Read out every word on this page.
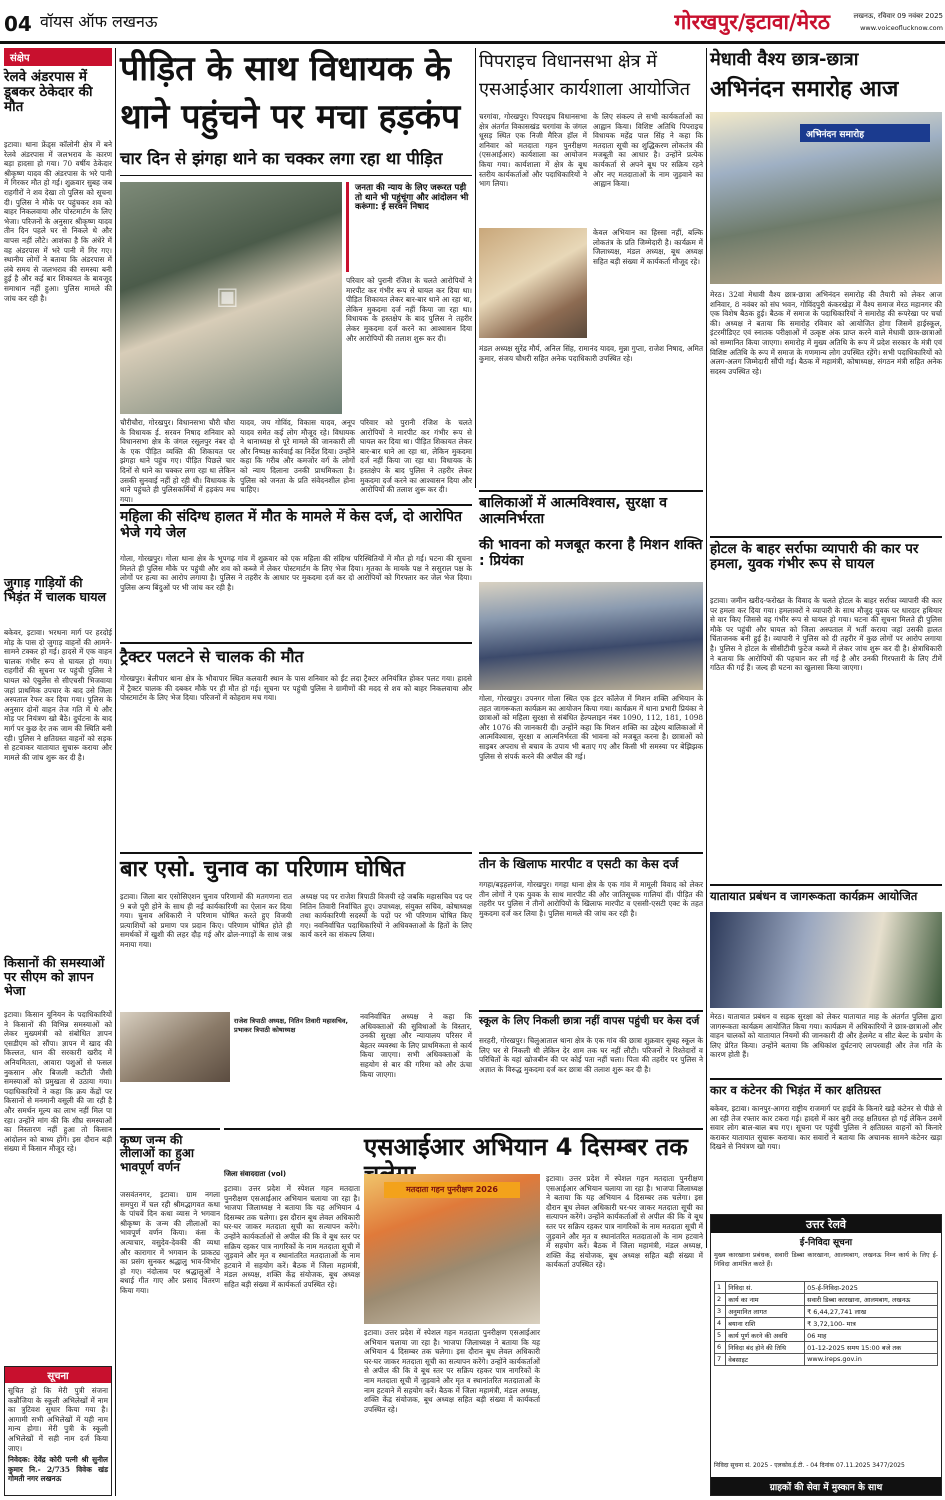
04 वॉयस ऑफ लखनऊ	गोरखपुर/इटावा/मेरठ	लखनऊ, रविवार 09 नवंबर 2025
www.voiceoflucknow.com
संक्षेप
रेलवे अंडरपास में डूबकर ठेकेदार की मौत
इटावा। थाना फ्रेंड्स कॉलोनी क्षेत्र में बने रेलवे अंडरपास में जलभराव के कारण बड़ा हादसा हो गया। 70 वर्षीय ठेकेदार श्रीकृष्ण यादव की अंडरपास के भरे पानी में गिरकर मौत हो गई। शुक्रवार सुबह जब राहगीरों ने शव देखा तो पुलिस को सूचना दी। पुलिस ने मौके पर पहुंचकर शव को बाहर निकलवाया और पोस्टमार्टम के लिए भेजा। परिजनों के अनुसार श्रीकृष्ण यादव तीन दिन पहले घर से निकले थे और वापस नहीं लौटे। आशंका है कि अंधेरे में वह अंडरपास में भरे पानी में गिर गए। स्थानीय लोगों ने बताया कि अंडरपास में लंबे समय से जलभराव की समस्या बनी हुई है और कई बार शिकायत के बावजूद समाधान नहीं हुआ। पुलिस मामले की जांच कर रही है।
जुगाड़ गाड़ियों की भिड़ंत में चालक घायल
बकेवर, इटावा। भरथना मार्ग पर हरदोई मोड़ के पास दो जुगाड़ वाहनों की आमने-सामने टक्कर हो गई। हादसे में एक वाहन चालक गंभीर रूप से घायल हो गया। राहगीरों की सूचना पर पहुंची पुलिस ने घायल को एंबुलेंस से सीएचसी भिजवाया जहां प्राथमिक उपचार के बाद उसे जिला अस्पताल रेफर कर दिया गया। पुलिस के अनुसार दोनों वाहन तेज गति में थे और मोड़ पर नियंत्रण खो बैठे। दुर्घटना के बाद मार्ग पर कुछ देर तक जाम की स्थिति बनी रही। पुलिस ने क्षतिग्रस्त वाहनों को सड़क से हटवाकर यातायात सुचारू कराया और मामले की जांच शुरू कर दी है।
किसानों की समस्याओं पर सीएम को ज्ञापन भेजा
इटावा। किसान यूनियन के पदाधिकारियों ने किसानों की विभिन्न समस्याओं को लेकर मुख्यमंत्री को संबोधित ज्ञापन एसडीएम को सौंपा। ज्ञापन में खाद की किल्लत, धान की सरकारी खरीद में अनियमितता, आवारा पशुओं से फसल नुकसान और बिजली कटौती जैसी समस्याओं को प्रमुखता से उठाया गया। पदाधिकारियों ने कहा कि क्रय केंद्रों पर किसानों से मनमानी वसूली की जा रही है और समर्थन मूल्य का लाभ नहीं मिल पा रहा। उन्होंने मांग की कि शीघ्र समस्याओं का निस्तारण नहीं हुआ तो किसान आंदोलन को बाध्य होंगे। इस दौरान बड़ी संख्या में किसान मौजूद रहे।
सूचना
सूचित हो कि मेरी पुत्री संजना कन्नौजिया के स्कूली अभिलेखों में नाम का त्रुटिवश सुधार किया गया है। आगामी सभी अभिलेखों में यही नाम मान्य होगा। मेरी पुत्री के स्कूली अभिलेखों में सही नाम दर्ज किया जाए।
निवेदक: देवेंद्र कोरी पत्नी श्री सुनील कुमार नि.- 2/735 विवेक खंड गोमती नगर लखनऊ
पीड़ित के साथ विधायक के
थाने पहुंचने पर मचा हड़कंप
चार दिन से झंगहा थाने का चक्कर लगा रहा था पीड़ित
▣
जनता की न्याय के लिए जरूरत पड़ी तो थाने भी पहुंचूंगा और आंदोलन भी करूंगा: ई सरवन निषाद
परिवार को पुरानी रंजिश के चलते आरोपियों ने मारपीट कर गंभीर रूप से घायल कर दिया था। पीड़ित शिकायत लेकर बार-बार थाने आ रहा था, लेकिन मुकदमा दर्ज नहीं किया जा रहा था। विधायक के हस्तक्षेप के बाद पुलिस ने तहरीर लेकर मुकदमा दर्ज करने का आश्वासन दिया और आरोपियों की तलाश शुरू कर दी।
चौरीचौरा, गोरखपुर। विधानसभा चौरी चौरा के विधायक ई. सरवन निषाद शनिवार को विधानसभा क्षेत्र के जंगल रसूलपुर नंबर दो के एक पीड़ित व्यक्ति की शिकायत पर झंगहा थाने पहुंच गए। पीड़ित पिछले चार दिनों से थाने का चक्कर लगा रहा था लेकिन उसकी सुनवाई नहीं हो रही थी। विधायक के थाने पहुंचते ही पुलिसकर्मियों में हड़कंप मच गया।
यादव, जय गोविंद, विकास यादव, अनूप यादव समेत कई लोग मौजूद रहे। विधायक ने थानाध्यक्ष से पूरे मामले की जानकारी ली और निष्पक्ष कार्रवाई का निर्देश दिया। उन्होंने कहा कि गरीब और कमजोर वर्ग के लोगों को न्याय दिलाना उनकी प्राथमिकता है। पुलिस को जनता के प्रति संवेदनशील होना चाहिए।
परिवार को पुरानी रंजिश के चलते आरोपियों ने मारपीट कर गंभीर रूप से घायल कर दिया था। पीड़ित शिकायत लेकर बार-बार थाने आ रहा था, लेकिन मुकदमा दर्ज नहीं किया जा रहा था। विधायक के हस्तक्षेप के बाद पुलिस ने तहरीर लेकर मुकदमा दर्ज करने का आश्वासन दिया और आरोपियों की तलाश शुरू कर दी।
पिपराइच विधानसभा क्षेत्र में
एसआईआर कार्यशाला आयोजित
चरगांवा, गोरखपुर। पिपराइच विधानसभा क्षेत्र अंतर्गत विकासखंड चरगांवा के जंगल धूसड़ स्थित एक निजी मैरिज हॉल में शनिवार को मतदाता गहन पुनरीक्षण (एसआईआर) कार्यशाला का आयोजन किया गया। कार्यशाला में क्षेत्र के बूथ स्तरीय कार्यकर्ताओं और पदाधिकारियों ने भाग लिया।
के लिए संकल्प ले सभी कार्यकर्ताओं का आह्वान किया। विशिष्ट अतिथि पिपराइच विधायक महेंद्र पाल सिंह ने कहा कि मतदाता सूची का शुद्धिकरण लोकतंत्र की मजबूती का आधार है। उन्होंने प्रत्येक कार्यकर्ता से अपने बूथ पर सक्रिय रहने और नए मतदाताओं के नाम जुड़वाने का आह्वान किया।
केवल अभियान का हिस्सा नहीं, बल्कि लोकतंत्र के प्रति जिम्मेदारी है। कार्यक्रम में जिलाध्यक्ष, मंडल अध्यक्ष, बूथ अध्यक्ष सहित बड़ी संख्या में कार्यकर्ता मौजूद रहे।
मंडल अध्यक्ष सुरेंद्र मौर्य, अनिल सिंह, रामानंद यादव, मुन्ना गुप्ता, राजेश निषाद, अमित कुमार, संजय चौधरी सहित अनेक पदाधिकारी उपस्थित रहे।
मेधावी वैश्य छात्र-छात्रा
अभिनंदन समारोह आज
अभिनंदन समारोह
मेरठ। 32वां मेधावी वैश्य छात्र-छात्रा अभिनंदन समारोह की तैयारी को लेकर आज शनिवार, 8 नवंबर को संघ भवन, गोविंदपुरी कंकरखेड़ा में वैश्य समाज मेरठ महानगर की एक विशेष बैठक हुई। बैठक में समाज के पदाधिकारियों ने समारोह की रूपरेखा पर चर्चा की। अध्यक्ष ने बताया कि समारोह रविवार को आयोजित होगा जिसमें हाईस्कूल, इंटरमीडिएट एवं स्नातक परीक्षाओं में उत्कृष्ट अंक प्राप्त करने वाले मेधावी छात्र-छात्राओं को सम्मानित किया जाएगा। समारोह में मुख्य अतिथि के रूप में प्रदेश सरकार के मंत्री एवं विशिष्ट अतिथि के रूप में समाज के गणमान्य लोग उपस्थित रहेंगे। सभी पदाधिकारियों को अलग-अलग जिम्मेदारी सौंपी गई। बैठक में महामंत्री, कोषाध्यक्ष, संगठन मंत्री सहित अनेक सदस्य उपस्थित रहे।
होटल के बाहर सर्राफा व्यापारी की कार पर हमला, युवक गंभीर रूप से घायल
इटावा। जमीन खरीद-फरोख्त के विवाद के चलते होटल के बाहर सर्राफा व्यापारी की कार पर हमला कर दिया गया। हमलावरों ने व्यापारी के साथ मौजूद युवक पर धारदार हथियार से वार किए जिससे वह गंभीर रूप से घायल हो गया। घटना की सूचना मिलते ही पुलिस मौके पर पहुंची और घायल को जिला अस्पताल में भर्ती कराया जहां उसकी हालत चिंताजनक बनी हुई है। व्यापारी ने पुलिस को दी तहरीर में कुछ लोगों पर आरोप लगाया है। पुलिस ने होटल के सीसीटीवी फुटेज कब्जे में लेकर जांच शुरू कर दी है। क्षेत्राधिकारी ने बताया कि आरोपियों की पहचान कर ली गई है और उनकी गिरफ्तारी के लिए टीमें गठित की गई हैं। जल्द ही घटना का खुलासा किया जाएगा।
यातायात प्रबंधन व जागरूकता कार्यक्रम आयोजित
मेरठ। यातायात प्रबंधन व सड़क सुरक्षा को लेकर यातायात माह के अंतर्गत पुलिस द्वारा जागरूकता कार्यक्रम आयोजित किया गया। कार्यक्रम में अधिकारियों ने छात्र-छात्राओं और वाहन चालकों को यातायात नियमों की जानकारी दी और हेलमेट व सीट बेल्ट के प्रयोग के लिए प्रेरित किया। उन्होंने बताया कि अधिकांश दुर्घटनाएं लापरवाही और तेज गति के कारण होती हैं।
कार व कंटेनर की भिड़ंत में कार क्षतिग्रस्त
बकेवर, इटावा। कानपुर-आगरा राष्ट्रीय राजमार्ग पर हाईवे के किनारे खड़े कंटेनर से पीछे से आ रही तेज रफ्तार कार टकरा गई। हादसे में कार बुरी तरह क्षतिग्रस्त हो गई लेकिन उसमें सवार लोग बाल-बाल बच गए। सूचना पर पहुंची पुलिस ने क्षतिग्रस्त वाहनों को किनारे कराकर यातायात सुचारू कराया। कार सवारों ने बताया कि अचानक सामने कंटेनर खड़ा दिखने से नियंत्रण खो गया।
उत्तर रेलवे
ई-निविदा सूचना
मुख्य कारखाना प्रबंधक, सवारी डिब्बा कारखाना, आलमबाग, लखनऊ निम्न कार्य के लिए ई-निविदा आमंत्रित करते हैं।
1	निविदा सं.	05-ई-निविदा-2025
2	कार्य का नाम	सवारी डिब्बा कारखाना, आलमबाग, लखनऊ
3	अनुमानित लागत	₹ 6,44,27,741 लाख
4	बयाना राशि	₹ 3,72,100- मात्र
5	कार्य पूर्ण करने की अवधि	06 माह
6	निविदा बंद होने की तिथि	01-12-2025 समय 15:00 बजे तक
7	वेबसाइट	www.ireps.gov.in
निविदा सूचना सं. 2025 - एलकोव.ई.टी. - 04 दिनांक 07.11.2025 3477/2025
ग्राहकों की सेवा में मुस्कान के साथ
महिला की संदिग्ध हालत में मौत के मामले में केस दर्ज, दो आरोपित भेजे गये जेल
गोला, गोरखपुर। गोला थाना क्षेत्र के भूपगढ़ गांव में शुक्रवार को एक महिला की संदिग्ध परिस्थितियों में मौत हो गई। घटना की सूचना मिलते ही पुलिस मौके पर पहुंची और शव को कब्जे में लेकर पोस्टमार्टम के लिए भेज दिया। मृतका के मायके पक्ष ने ससुराल पक्ष के लोगों पर हत्या का आरोप लगाया है। पुलिस ने तहरीर के आधार पर मुकदमा दर्ज कर दो आरोपियों को गिरफ्तार कर जेल भेज दिया। पुलिस अन्य बिंदुओं पर भी जांच कर रही है।
ट्रैक्टर पलटने से चालक की मौत
गोरखपुर। बेलीपार थाना क्षेत्र के भौवापार स्थित कलवारी स्थान के पास शनिवार को ईंट लदा ट्रैक्टर अनियंत्रित होकर पलट गया। हादसे में ट्रैक्टर चालक की दबकर मौके पर ही मौत हो गई। सूचना पर पहुंची पुलिस ने ग्रामीणों की मदद से शव को बाहर निकलवाया और पोस्टमार्टम के लिए भेज दिया। परिजनों में कोहराम मच गया।
बालिकाओं में आत्मविश्वास, सुरक्षा व आत्मनिर्भरता
की भावना को मजबूत करना है मिशन शक्ति : प्रियंका
गोला, गोरखपुर। उपनगर गोला स्थित एक इंटर कॉलेज में मिशन शक्ति अभियान के तहत जागरूकता कार्यक्रम का आयोजन किया गया। कार्यक्रम में थाना प्रभारी प्रियंका ने छात्राओं को महिला सुरक्षा से संबंधित हेल्पलाइन नंबर 1090, 112, 181, 1098 और 1076 की जानकारी दी। उन्होंने कहा कि मिशन शक्ति का उद्देश्य बालिकाओं में आत्मविश्वास, सुरक्षा व आत्मनिर्भरता की भावना को मजबूत करना है। छात्राओं को साइबर अपराध से बचाव के उपाय भी बताए गए और किसी भी समस्या पर बेझिझक पुलिस से संपर्क करने की अपील की गई।
बार एसो. चुनाव का परिणाम घोषित
इटावा। जिला बार एसोसिएशन चुनाव परिणामों की मतगणना रात 9 बजे पूरी होने के साथ ही नई कार्यकारिणी का ऐलान कर दिया गया। चुनाव अधिकारी ने परिणाम घोषित करते हुए विजयी प्रत्याशियों को प्रमाण पत्र प्रदान किए। परिणाम घोषित होते ही समर्थकों में खुशी की लहर दौड़ गई और ढोल-नगाड़ों के साथ जश्न मनाया गया।
अध्यक्ष पद पर राजेश त्रिपाठी विजयी रहे जबकि महासचिव पद पर नितिन तिवारी निर्वाचित हुए। उपाध्यक्ष, संयुक्त सचिव, कोषाध्यक्ष तथा कार्यकारिणी सदस्यों के पदों पर भी परिणाम घोषित किए गए। नवनिर्वाचित पदाधिकारियों ने अधिवक्ताओं के हितों के लिए कार्य करने का संकल्प लिया।
राजेश त्रिपाठी अध्यक्ष, नितिन तिवारी महासचिव, प्रभाकर त्रिपाठी कोषाध्यक्ष
नवनिर्वाचित अध्यक्ष ने कहा कि अधिवक्ताओं की सुविधाओं के विस्तार, उनकी सुरक्षा और न्यायालय परिसर में बेहतर व्यवस्था के लिए प्राथमिकता से कार्य किया जाएगा। सभी अधिवक्ताओं के सहयोग से बार की गरिमा को और ऊंचा किया जाएगा।
तीन के खिलाफ मारपीट व एसटी का केस दर्ज
गगहा/बड़हलगंज, गोरखपुर। गगहा थाना क्षेत्र के एक गांव में मामूली विवाद को लेकर तीन लोगों ने एक युवक के साथ मारपीट की और जातिसूचक गालियां दीं। पीड़ित की तहरीर पर पुलिस ने तीनों आरोपियों के खिलाफ मारपीट व एससी-एसटी एक्ट के तहत मुकदमा दर्ज कर लिया है। पुलिस मामले की जांच कर रही है।
स्कूल के लिए निकली छात्रा नहीं वापस पहुंची घर केस दर्ज
सरहरी, गोरखपुर। चिलुआताल थाना क्षेत्र के एक गांव की छात्रा शुक्रवार सुबह स्कूल के लिए घर से निकली थी लेकिन देर शाम तक घर नहीं लौटी। परिजनों ने रिश्तेदारों व परिचितों के यहां खोजबीन की पर कोई पता नहीं चला। पिता की तहरीर पर पुलिस ने अज्ञात के विरुद्ध मुकदमा दर्ज कर छात्रा की तलाश शुरू कर दी है।
कृष्ण जन्म की लीलाओं का हुआ भावपूर्ण वर्णन
जसवंतनगर, इटावा। ग्राम नगला समपुरा में चल रही श्रीमद्भागवत कथा के पांचवें दिन कथा व्यास ने भगवान श्रीकृष्ण के जन्म की लीलाओं का भावपूर्ण वर्णन किया। कंस के अत्याचार, वसुदेव-देवकी की व्यथा और कारागार में भगवान के प्राकट्य का प्रसंग सुनकर श्रद्धालु भाव-विभोर हो गए। नंदोत्सव पर श्रद्धालुओं ने बधाई गीत गाए और प्रसाद वितरण किया गया।
एसआईआर अभियान 4 दिसम्बर तक
जिला संवाददाता (vol)
इटावा। उत्तर प्रदेश में स्पेशल गहन मतदाता पुनरीक्षण एसआईआर अभियान चलाया जा रहा है। भाजपा जिलाध्यक्ष ने बताया कि यह अभियान 4 दिसम्बर तक चलेगा। इस दौरान बूथ लेवल अधिकारी घर-घर जाकर मतदाता सूची का सत्यापन करेंगे। उन्होंने कार्यकर्ताओं से अपील की कि वे बूथ स्तर पर सक्रिय रहकर पात्र नागरिकों के नाम मतदाता सूची में जुड़वाने और मृत व स्थानांतरित मतदाताओं के नाम हटवाने में सहयोग करें। बैठक में जिला महामंत्री, मंडल अध्यक्ष, शक्ति केंद्र संयोजक, बूथ अध्यक्ष सहित बड़ी संख्या में कार्यकर्ता उपस्थित रहे।
मतदाता गहन पुनरीक्षण 2026
इटावा। उत्तर प्रदेश में स्पेशल गहन मतदाता पुनरीक्षण एसआईआर अभियान चलाया जा रहा है। भाजपा जिलाध्यक्ष ने बताया कि यह अभियान 4 दिसम्बर तक चलेगा। इस दौरान बूथ लेवल अधिकारी घर-घर जाकर मतदाता सूची का सत्यापन करेंगे। उन्होंने कार्यकर्ताओं से अपील की कि वे बूथ स्तर पर सक्रिय रहकर पात्र नागरिकों के नाम मतदाता सूची में जुड़वाने और मृत व स्थानांतरित मतदाताओं के नाम हटवाने में सहयोग करें। बैठक में जिला महामंत्री, मंडल अध्यक्ष, शक्ति केंद्र संयोजक, बूथ अध्यक्ष सहित बड़ी संख्या में कार्यकर्ता उपस्थित रहे।
इटावा। उत्तर प्रदेश में स्पेशल गहन मतदाता पुनरीक्षण एसआईआर अभियान चलाया जा रहा है। भाजपा जिलाध्यक्ष ने बताया कि यह अभियान 4 दिसम्बर तक चलेगा। इस दौरान बूथ लेवल अधिकारी घर-घर जाकर मतदाता सूची का सत्यापन करेंगे। उन्होंने कार्यकर्ताओं से अपील की कि वे बूथ स्तर पर सक्रिय रहकर पात्र नागरिकों के नाम मतदाता सूची में जुड़वाने और मृत व स्थानांतरित मतदाताओं के नाम हटवाने में सहयोग करें। बैठक में जिला महामंत्री, मंडल अध्यक्ष, शक्ति केंद्र संयोजक, बूथ अध्यक्ष सहित बड़ी संख्या में कार्यकर्ता उपस्थित रहे।
